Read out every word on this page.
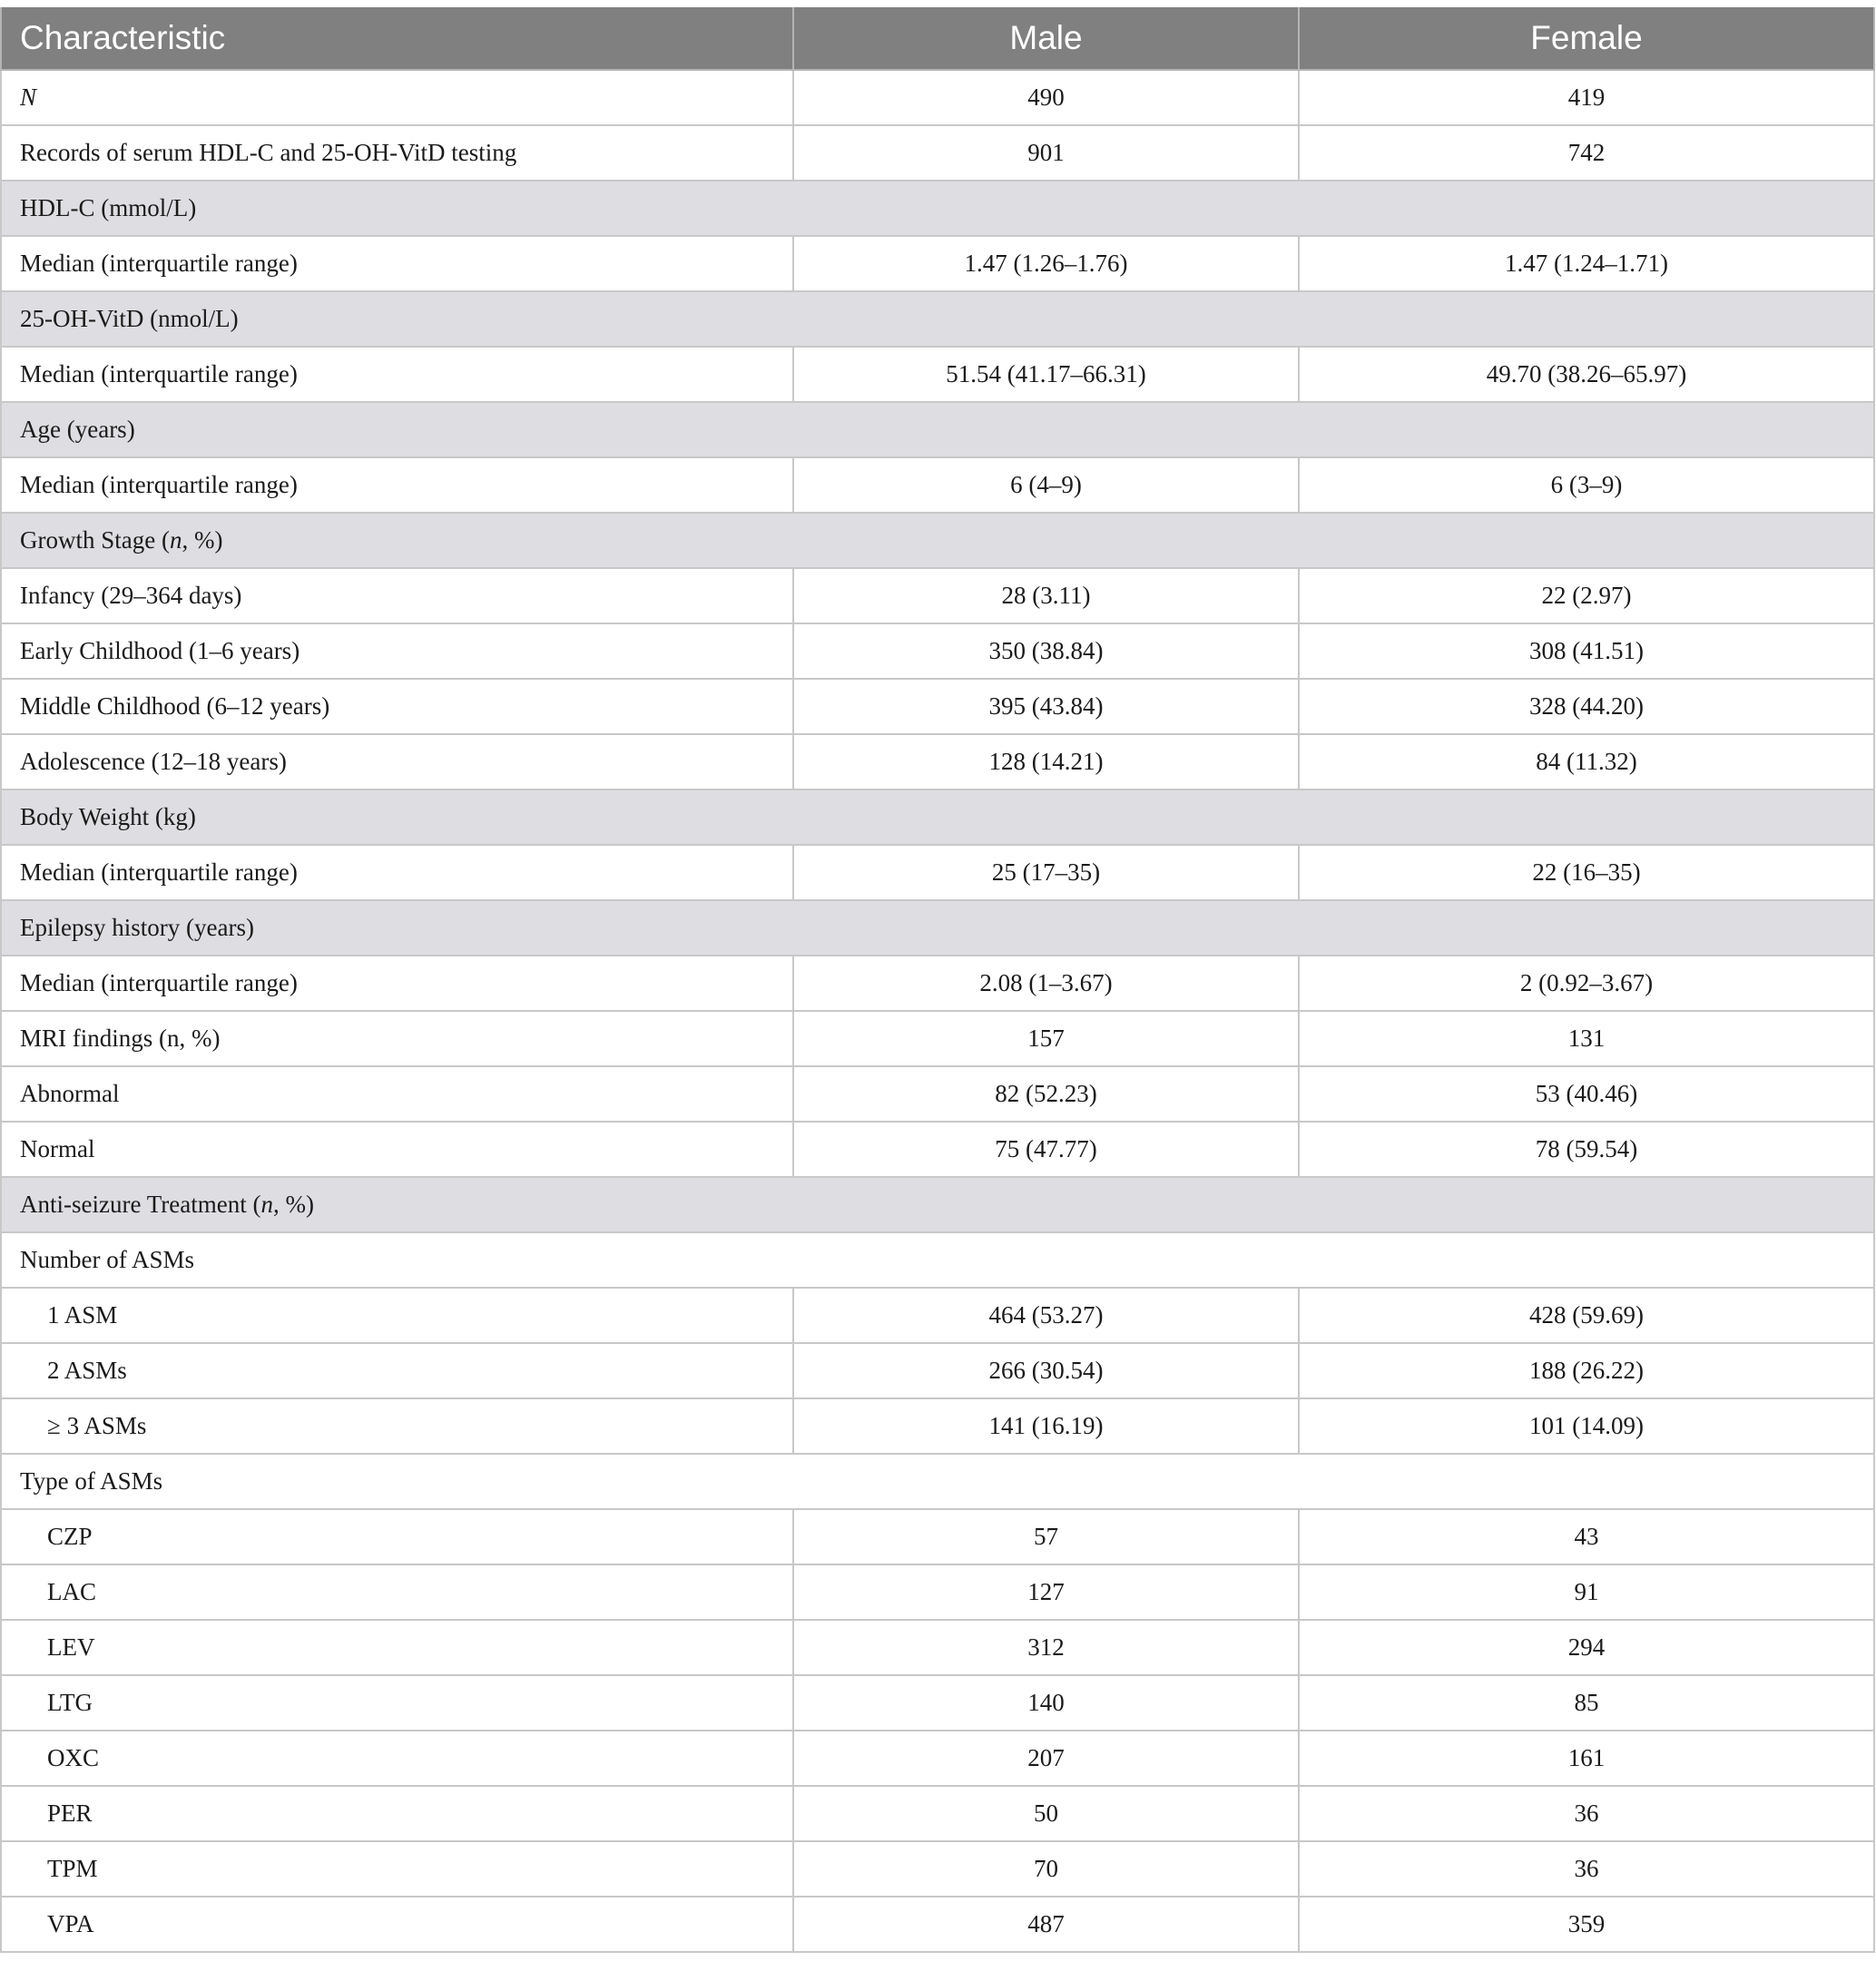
Characteristic	Male	Female
N	490	419
Records of serum HDL-C and 25-OH-VitD testing	901	742
HDL-C (mmol/L)		
Median (interquartile range)	1.47 (1.26–1.76)	1.47 (1.24–1.71)
25-OH-VitD (nmol/L)		
Median (interquartile range)	51.54 (41.17–66.31)	49.70 (38.26–65.97)
Age (years)		
Median (interquartile range)	6 (4–9)	6 (3–9)
Growth Stage (n, %)		
Infancy (29–364 days)	28 (3.11)	22 (2.97)
Early Childhood (1–6 years)	350 (38.84)	308 (41.51)
Middle Childhood (6–12 years)	395 (43.84)	328 (44.20)
Adolescence (12–18 years)	128 (14.21)	84 (11.32)
Body Weight (kg)		
Median (interquartile range)	25 (17–35)	22 (16–35)
Epilepsy history (years)		
Median (interquartile range)	2.08 (1–3.67)	2 (0.92–3.67)
MRI findings (n, %)	157	131
Abnormal	82 (52.23)	53 (40.46)
Normal	75 (47.77)	78 (59.54)
Anti-seizure Treatment (n, %)		
Number of ASMs		
1 ASM	464 (53.27)	428 (59.69)
2 ASMs	266 (30.54)	188 (26.22)
≥ 3 ASMs	141 (16.19)	101 (14.09)
Type of ASMs		
CZP	57	43
LAC	127	91
LEV	312	294
LTG	140	85
OXC	207	161
PER	50	36
TPM	70	36
VPA	487	359
